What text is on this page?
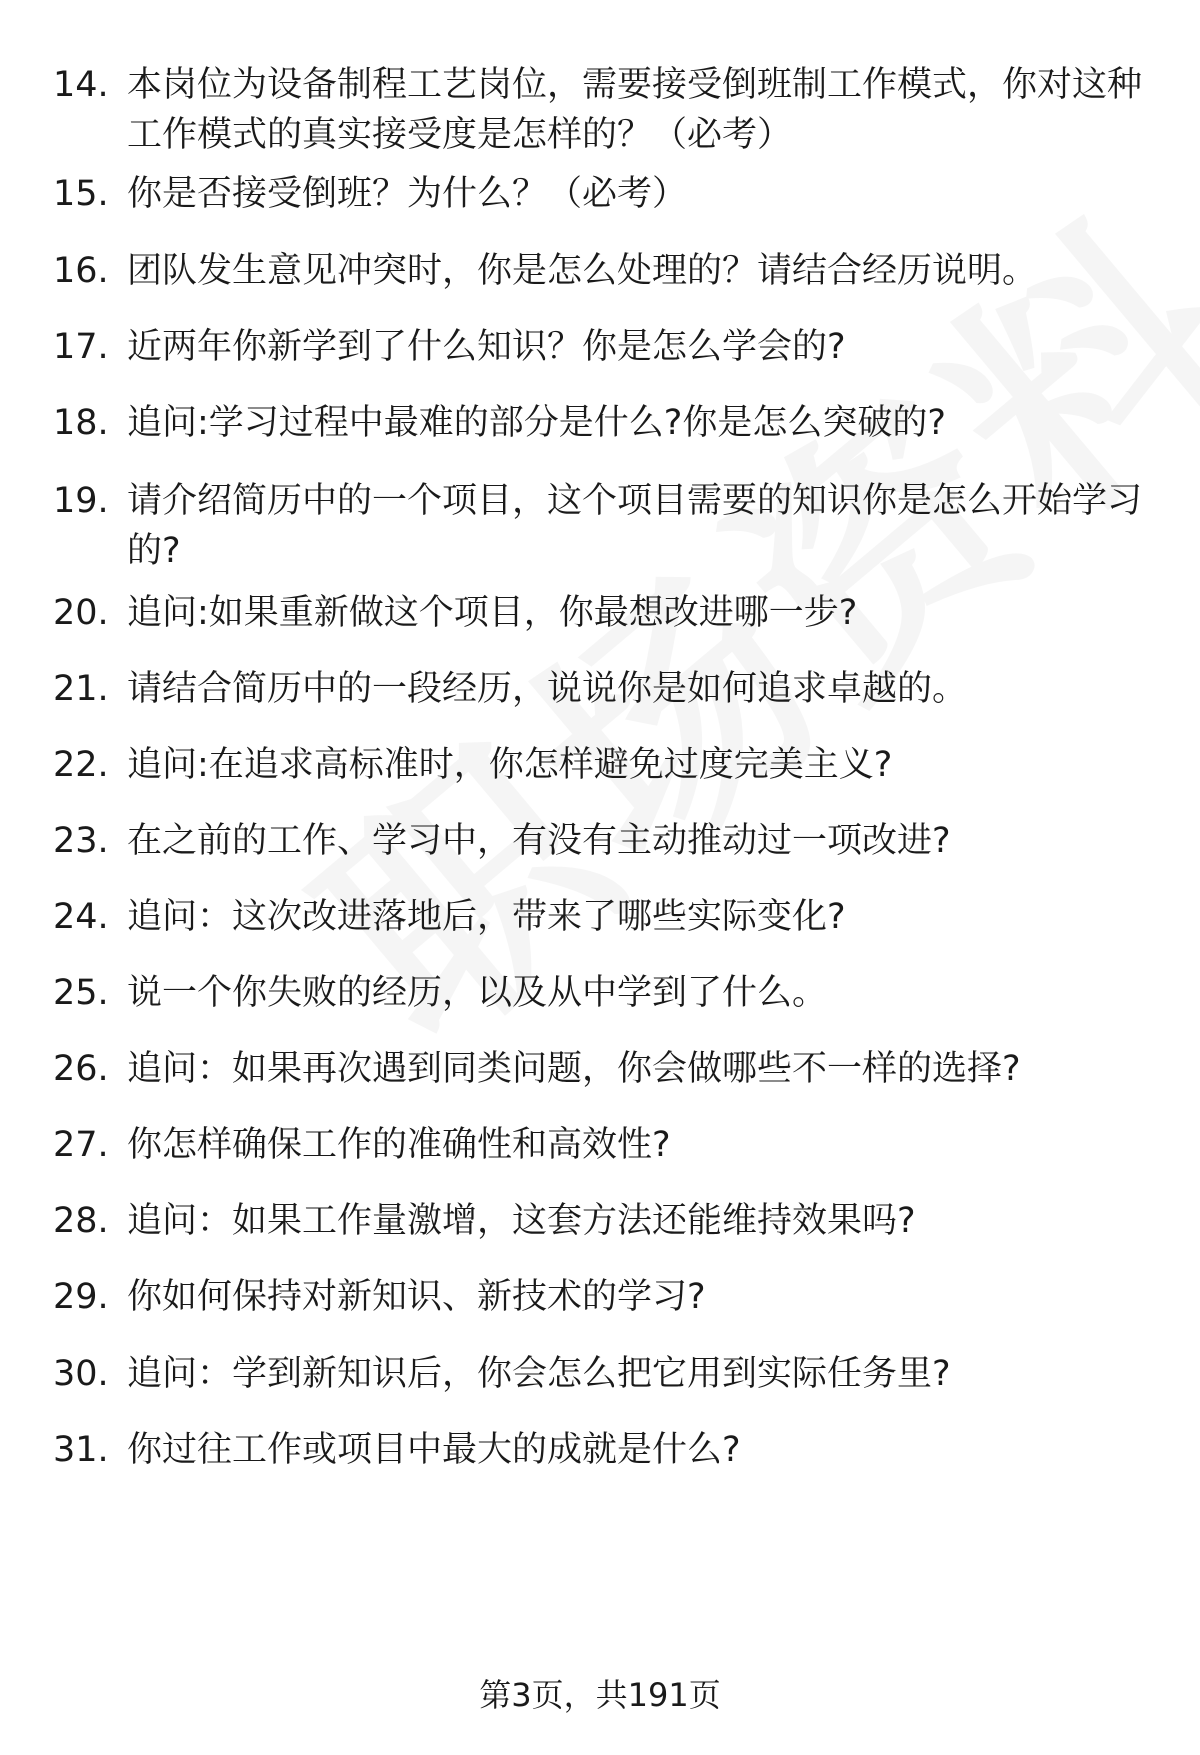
14. 本岗位为设备制程工艺岗位，需要接受倒班制工作模式，你对这种工作模式的真实接受度是怎样的？（必考）
15. 你是否接受倒班？为什么？（必考）
16. 团队发生意见冲突时，你是怎么处理的？请结合经历说明。
17. 近两年你新学到了什么知识？你是怎么学会的?
18. 追问:学习过程中最难的部分是什么?你是怎么突破的?
19. 请介绍简历中的一个项目，这个项目需要的知识你是怎么开始学习的?
20. 追问:如果重新做这个项目，你最想改进哪一步?
21. 请结合简历中的一段经历，说说你是如何追求卓越的。
22. 追问:在追求高标准时，你怎样避免过度完美主义?
23. 在之前的工作、学习中，有没有主动推动过一项改进?
24. 追问：这次改进落地后，带来了哪些实际变化?
25. 说一个你失败的经历，以及从中学到了什么。
26. 追问：如果再次遇到同类问题，你会做哪些不一样的选择?
27. 你怎样确保工作的准确性和高效性?
28. 追问：如果工作量激增，这套方法还能维持效果吗?
29. 你如何保持对新知识、新技术的学习?
30. 追问：学到新知识后，你会怎么把它用到实际任务里?
31. 你过往工作或项目中最大的成就是什么?
第3页，共191页
